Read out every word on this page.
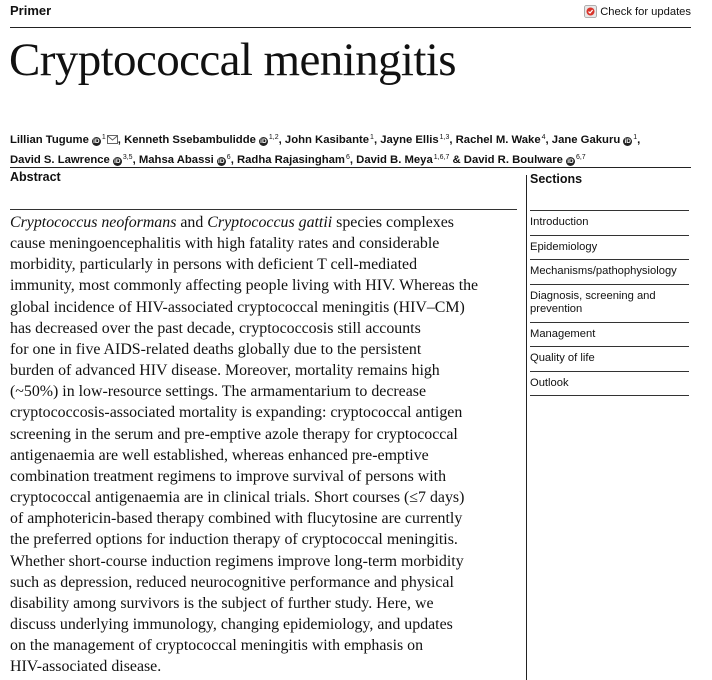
Primer	Check for updates
Cryptococcal meningitis
Lillian Tugume $iD^1$ , Kenneth Ssebambulidde iD$^{1,2}$, John Kasibante$^1$, Jayne Ellis$^{1,3}$, Rachel M. Wake$^4$, Jane Gakuru $iD^1$,
David S. Lawrence iD$^{3,5}$, Mahsa Abassi $iD^6$, Radha Rajasingham$^6$, David B. Meya$^{1,6,7}$ & David R. Boulware iD$^{6,7}$
Abstract
Cryptococcus neoformans and Cryptococcus gattii species complexes
cause meningoencephalitis with high fatality rates and considerable
morbidity, particularly in persons with deficient T cell-mediated
immunity, most commonly affecting people living with HIV. Whereas the
global incidence of HIV-associated cryptococcal meningitis (HIV–CM)
has decreased over the past decade, cryptococcosis still accounts
for one in five AIDS-related deaths globally due to the persistent
burden of advanced HIV disease. Moreover, mortality remains high
(~50%) in low-resource settings. The armamentarium to decrease
cryptococcosis-associated mortality is expanding: cryptococcal antigen
screening in the serum and pre-emptive azole therapy for cryptococcal
antigenaemia are well established, whereas enhanced pre-emptive
combination treatment regimens to improve survival of persons with
cryptococcal antigenaemia are in clinical trials. Short courses (≤7 days)
of amphotericin-based therapy combined with flucytosine are currently
the preferred options for induction therapy of cryptococcal meningitis.
Whether short-course induction regimens improve long-term morbidity
such as depression, reduced neurocognitive performance and physical
disability among survivors is the subject of further study. Here, we
discuss underlying immunology, changing epidemiology, and updates
on the management of cryptococcal meningitis with emphasis on
HIV-associated disease.
Sections
Introduction
Epidemiology
Mechanisms/pathophysiology
Diagnosis, screening and prevention
Management
Quality of life
Outlook
